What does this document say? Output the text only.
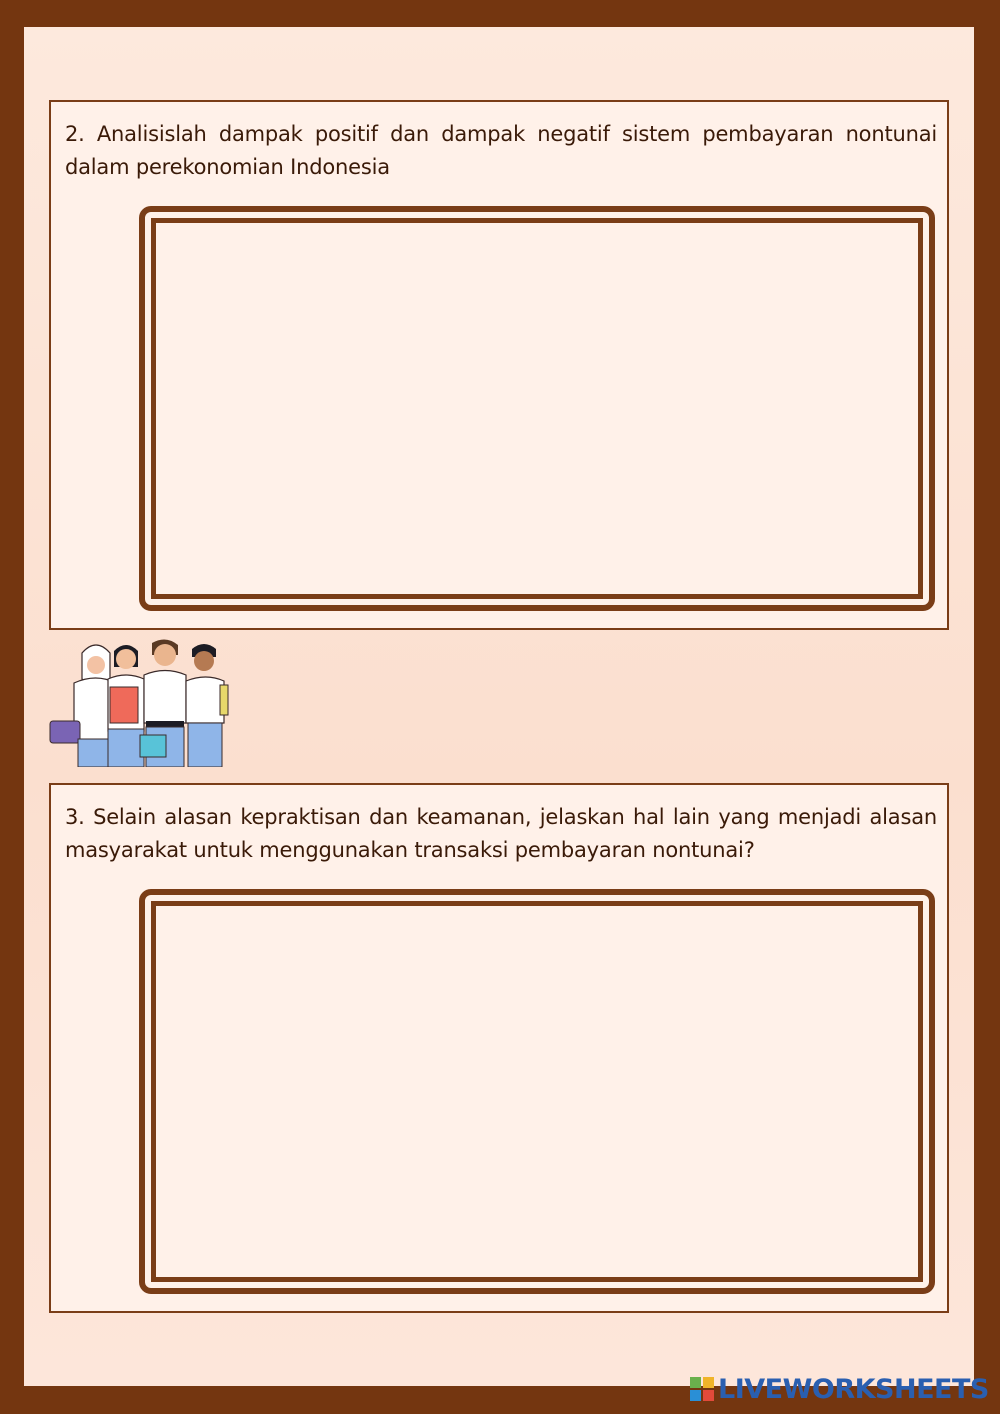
2. Analisislah dampak positif dan dampak negatif sistem pembayaran nontunai dalam perekonomian Indonesia

3. Selain alasan kepraktisan dan keamanan, jelaskan hal lain yang menjadi alasan masyarakat untuk menggunakan transaksi pembayaran nontunai?

LIVEWORKSHEETS
